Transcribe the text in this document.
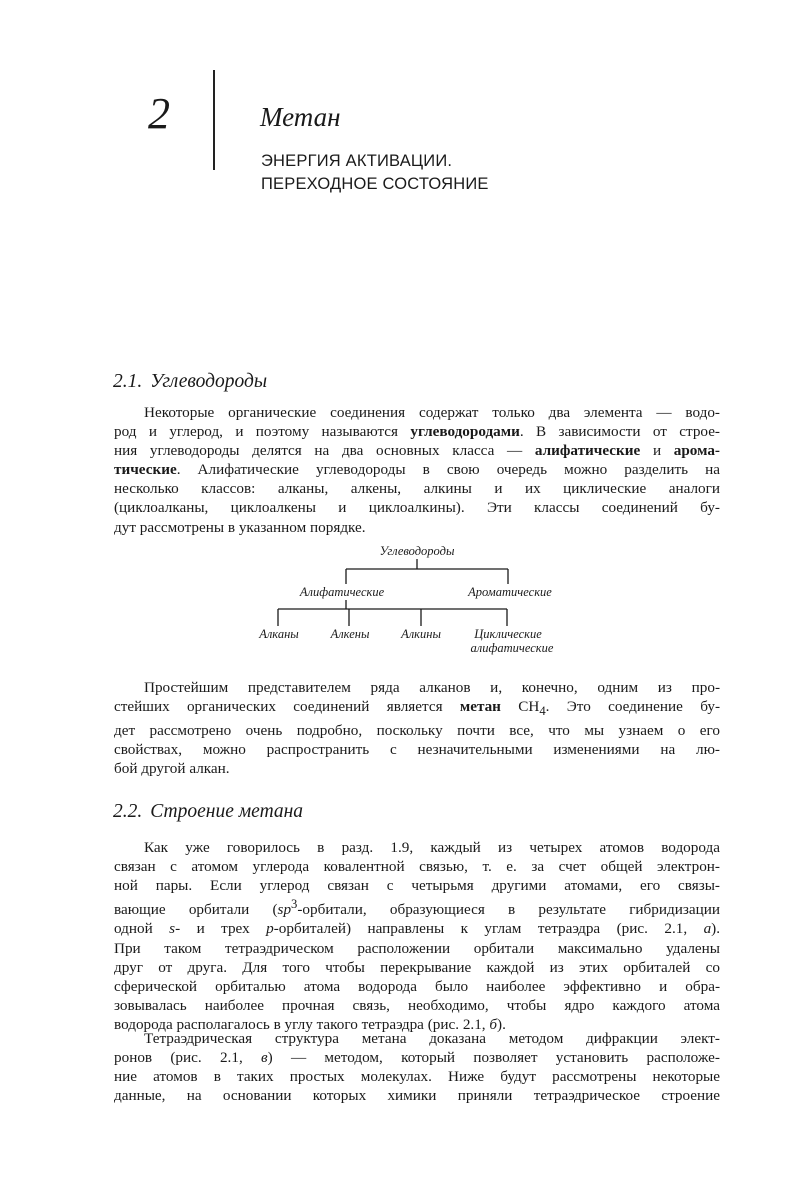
2	Метан
ЭНЕРГИЯ АКТИВАЦИИ.
ПЕРЕХОДНОЕ СОСТОЯНИЕ
2.1. Углеводороды
Некоторые органические соединения содержат только два элемента — водо-
род и углерод, и поэтому называются углеводородами. В зависимости от строе-
ния углеводороды делятся на два основных класса — алифатические и арома-
тические. Алифатические углеводороды в свою очередь можно разделить на
несколько классов: алканы, алкены, алкины и их циклические аналоги
(циклоалканы, циклоалкены и циклоалкины). Эти классы соединений бу-
дут рассмотрены в указанном порядке.
Углеводороды
Алифатические	Ароматические
Алканы	Алкены	Алкины	Циклические
алифатические
Простейшим представителем ряда алканов и, конечно, одним из про-
стейших органических соединений является метан $CH_4$. Это соединение бу-
дет рассмотрено очень подробно, поскольку почти все, что мы узнаем о его
свойствах, можно распространить с незначительными изменениями на лю-
бой другой алкан.
2.2. Строение метана
Как уже говорилось в разд. 1.9, каждый из четырех атомов водорода
связан с атомом углерода ковалентной связью, т. е. за счет общей электрон-
ной пары. Если углерод связан с четырьмя другими атомами, его связы-
вающие орбитали ($sp^3$-орбитали, образующиеся в результате гибридизации
одной s- и трех p-орбиталей) направлены к углам тетраэдра (рис. 2.1, а).
При таком тетраэдрическом расположении орбитали максимально удалены
друг от друга. Для того чтобы перекрывание каждой из этих орбиталей со
сферической орбиталью атома водорода было наиболее эффективно и обра-
зовывалась наиболее прочная связь, необходимо, чтобы ядро каждого атома
водорода располагалось в углу такого тетраэдра (рис. 2.1, б).
Тетраэдрическая структура метана доказана методом дифракции элект-
ронов (рис. 2.1, в) — методом, который позволяет установить расположе-
ние атомов в таких простых молекулах. Ниже будут рассмотрены некоторые
данные, на основании которых химики приняли тетраэдрическое строение
